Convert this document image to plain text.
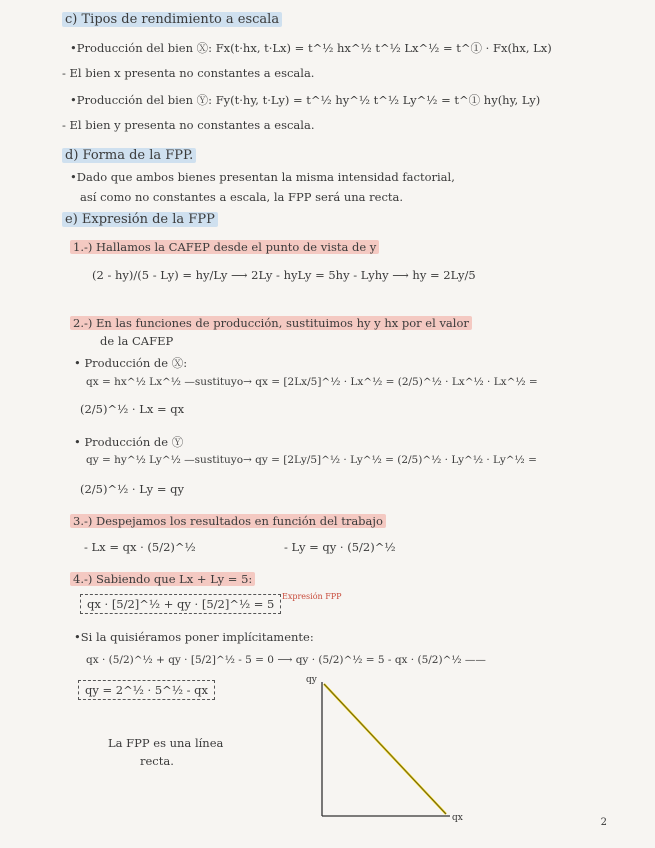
c) Tipos de rendimiento a escala
•Producción del bien Ⓧ: Fx(t·hx, t·Lx) = t^½ hx^½ t^½ Lx^½ = t^① · Fx(hx, Lx)
- El bien x presenta no constantes a escala.
•Producción del bien Ⓨ: Fy(t·hy, t·Ly) = t^½ hy^½ t^½ Ly^½ = t^① hy(hy, Ly)
- El bien y presenta no constantes a escala.
d) Forma de la FPP.
•Dado que ambos bienes presentan la misma intensidad factorial,
así como no constantes a escala, la FPP será una recta.
e) Expresión de la FPP
1.-) Hallamos la CAFEP desde el punto de vista de y
(2 - hy)/(5 - Ly) = hy/Ly ⟶ 2Ly - hyLy = 5hy - Lyhy ⟶ hy = 2Ly/5
2.-) En las funciones de producción, sustituimos hy y hx por el valor
de la CAFEP
• Producción de Ⓧ:
qx = hx^½ Lx^½ —sustituyo→ qx = [2Lx/5]^½ · Lx^½ = (2/5)^½ · Lx^½ · Lx^½ =
(2/5)^½ · Lx = qx
• Producción de Ⓨ
qy = hy^½ Ly^½ —sustituyo→ qy = [2Ly/5]^½ · Ly^½ = (2/5)^½ · Ly^½ · Ly^½ =
(2/5)^½ · Ly = qy
3.-) Despejamos los resultados en función del trabajo
- Lx = qx · (5/2)^½	- Ly = qy · (5/2)^½
4.-) Sabiendo que Lx + Ly = 5:
qx · [5/2]^½ + qy · [5/2]^½ = 5
Expresión FPP
•Si la quisiéramos poner implícitamente:
qx · (5/2)^½ + qy · [5/2]^½ - 5 = 0 ⟶ qy · (5/2)^½ = 5 - qx · (5/2)^½ ——
qy = 2^½ · 5^½ - qx
La FPP es una línea
recta.
qy
qx	2
